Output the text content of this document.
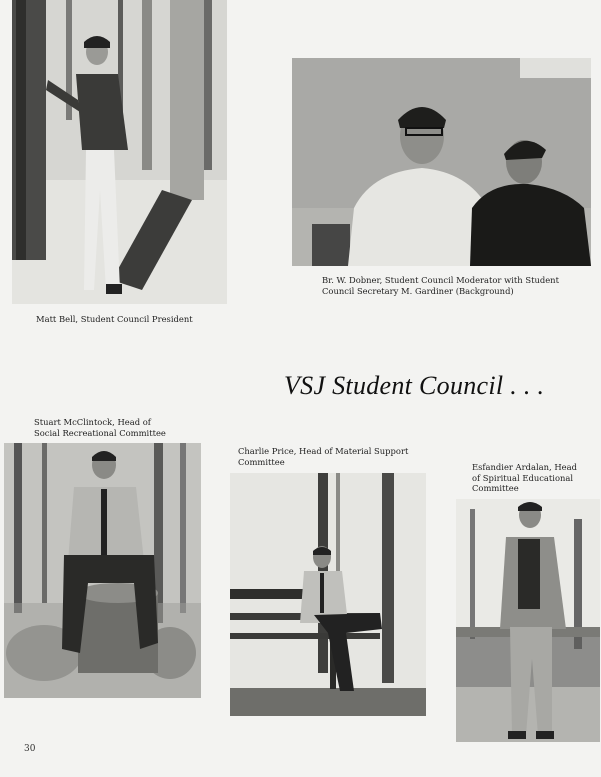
Matt Bell, Student Council President
Br. W. Dobner, Student Council Moderator with Student Council Secretary M. Gardiner (Background)
VSJ Student Council . . .
Stuart McClintock, Head of Social Recreational Committee
Charlie Price, Head of Material Support Committee
Esfandier Ardalan, Head of Spiritual Educational Committee
30
